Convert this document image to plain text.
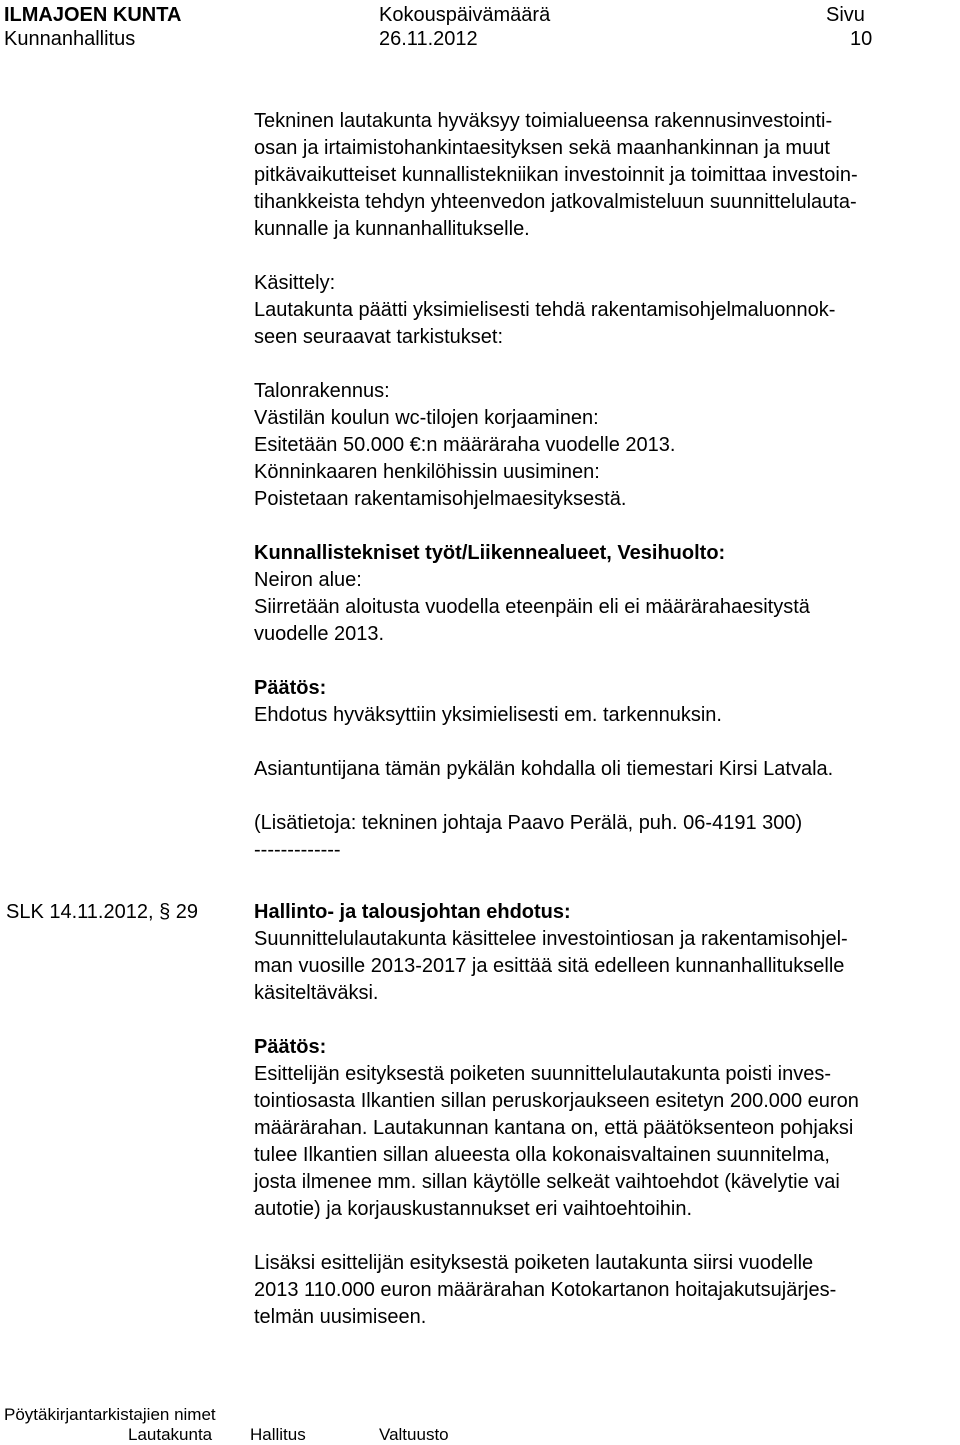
ILMAJOEN KUNTA
Kunnanhallitus
Kokouspäivämäärä
26.11.2012
Sivu
10

Tekninen lautakunta hyväksyy toimialueensa rakennusinvestointi-

osan ja irtaimistohankintaesityksen sekä maanhankinnan ja muut

pitkävaikutteiset kunnallistekniikan investoinnit ja toimittaa investoin-

tihankkeista tehdyn yhteenvedon jatkovalmisteluun suunnittelulauta-

kunnalle ja kunnanhallitukselle.

Käsittely:

Lautakunta päätti yksimielisesti tehdä rakentamisohjelmaluonnok-

seen seuraavat tarkistukset:

Talonrakennus:

Västilän koulun wc-tilojen korjaaminen:

Esitetään 50.000 €:n määräraha vuodelle 2013.

Könninkaaren henkilöhissin uusiminen:

Poistetaan rakentamisohjelmaesityksestä.

Kunnallistekniset työt/Liikennealueet, Vesihuolto:

Neiron alue:

Siirretään aloitusta vuodella eteenpäin eli ei määrärahaesitystä

vuodelle 2013.

Päätös:

Ehdotus hyväksyttiin yksimielisesti em. tarkennuksin.

Asiantuntijana tämän pykälän kohdalla oli tiemestari Kirsi Latvala.

(Lisätietoja: tekninen johtaja Paavo Perälä, puh. 06-4191 300)

-------------

SLK 14.11.2012, § 29	Hallinto- ja talousjohtan ehdotus:

Suunnittelulautakunta käsittelee investointiosan ja rakentamisohjel-

man vuosille 2013-2017 ja esittää sitä edelleen kunnanhallitukselle

käsiteltäväksi.

Päätös:

Esittelijän esityksestä poiketen suunnittelulautakunta poisti inves-

tointiosasta Ilkantien sillan peruskorjaukseen esitetyn 200.000 euron

määrärahan. Lautakunnan kantana on, että päätöksenteon pohjaksi

tulee Ilkantien sillan alueesta olla kokonaisvaltainen suunnitelma,

josta ilmenee mm. sillan käytölle selkeät vaihtoehdot (kävelytie vai

autotie) ja korjauskustannukset eri vaihtoehtoihin.

Lisäksi esittelijän esityksestä poiketen lautakunta siirsi vuodelle

2013 110.000 euron määrärahan Kotokartanon hoitajakutsujärjes-

telmän uusimiseen.

Pöytäkirjantarkistajien nimet
Lautakunta Hallitus	Valtuusto
